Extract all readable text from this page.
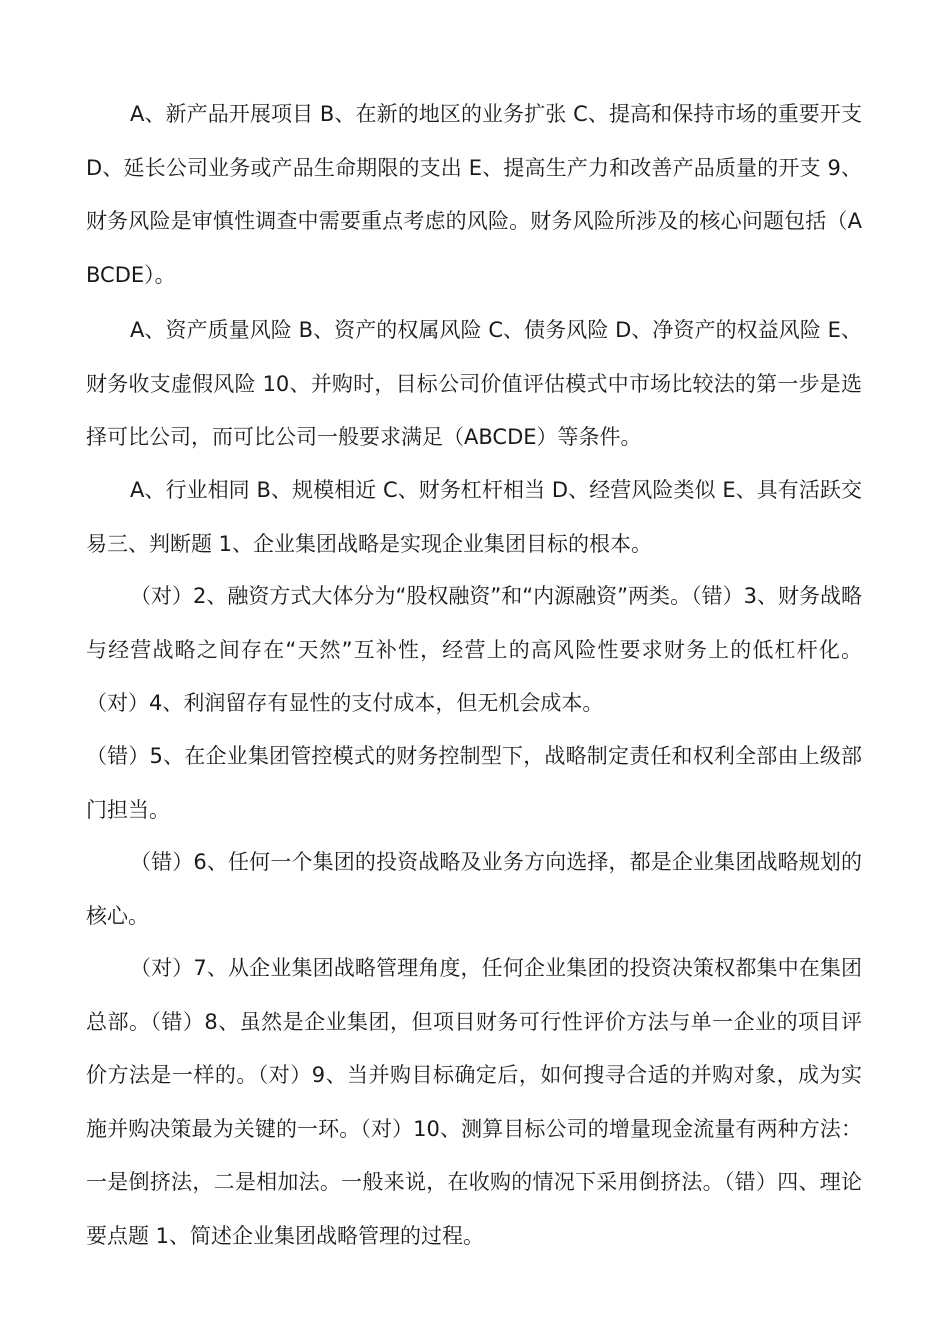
A、新产品开展项目 B、在新的地区的业务扩张 C、提高和保持市场的重要开支 D、延长公司业务或产品生命期限的支出 E、提高生产力和改善产品质量的开支 9、财务风险是审慎性调查中需要重点考虑的风险。财务风险所涉及的核心问题包括（ABCDE）。

A、资产质量风险 B、资产的权属风险 C、债务风险 D、净资产的权益风险 E、财务收支虚假风险 10、并购时，目标公司价值评估模式中市场比较法的第一步是选择可比公司，而可比公司一般要求满足（ABCDE）等条件。

A、行业相同 B、规模相近 C、财务杠杆相当 D、经营风险类似 E、具有活跃交易三、判断题 1、企业集团战略是实现企业集团目标的根本。

（对）2、融资方式大体分为“股权融资”和“内源融资”两类。（错）3、财务战略与经营战略之间存在“天然”互补性，经营上的高风险性要求财务上的低杠杆化。（对）4、利润留存有显性的支付成本，但无机会成本。

（错）5、在企业集团管控模式的财务控制型下，战略制定责任和权利全部由上级部门担当。

（错）6、任何一个集团的投资战略及业务方向选择，都是企业集团战略规划的核心。

（对）7、从企业集团战略管理角度，任何企业集团的投资决策权都集中在集团总部。（错）8、虽然是企业集团，但项目财务可行性评价方法与单一企业的项目评价方法是一样的。（对）9、当并购目标确定后，如何搜寻合适的并购对象，成为实施并购决策最为关键的一环。（对）10、测算目标公司的增量现金流量有两种方法：一是倒挤法，二是相加法。一般来说，在收购的情况下采用倒挤法。（错）四、理论要点题 1、简述企业集团战略管理的过程。
